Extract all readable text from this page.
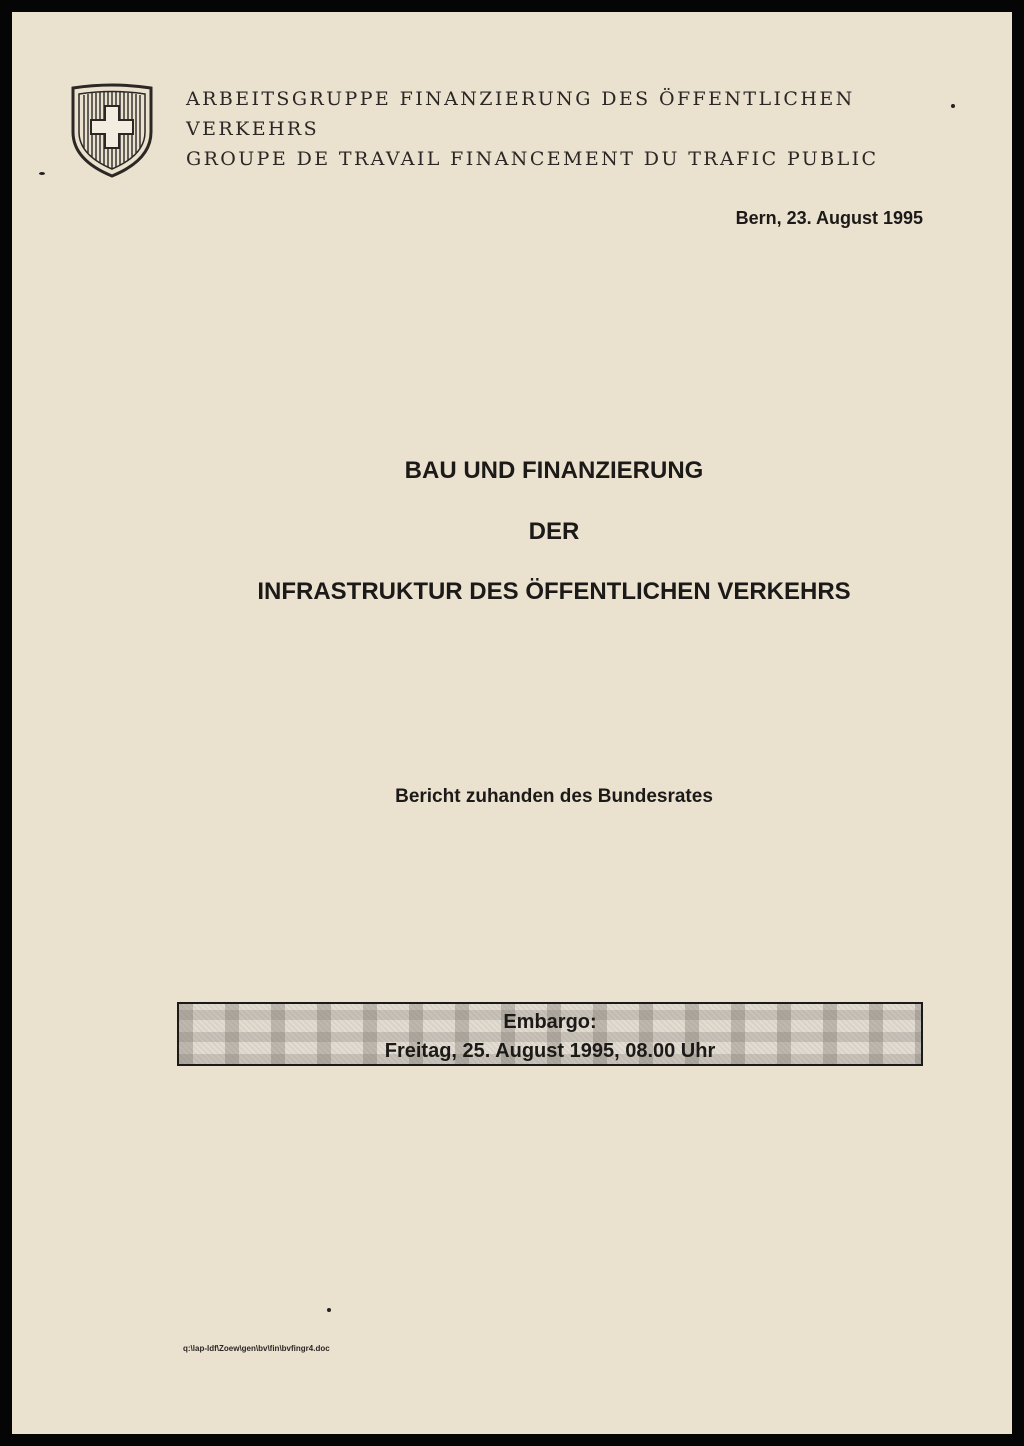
ARBEITSGRUPPE FINANZIERUNG DES ÖFFENTLICHEN
VERKEHRS
GROUPE DE TRAVAIL FINANCEMENT DU TRAFIC PUBLIC
Bern, 23. August 1995
BAU UND FINANZIERUNG
DER
INFRASTRUKTUR DES ÖFFENTLICHEN VERKEHRS
Bericht zuhanden des Bundesrates
Embargo:
Freitag, 25. August 1995, 08.00 Uhr
q:\lap-ldf\Zoew\gen\bv\fin\bvfingr4.doc
